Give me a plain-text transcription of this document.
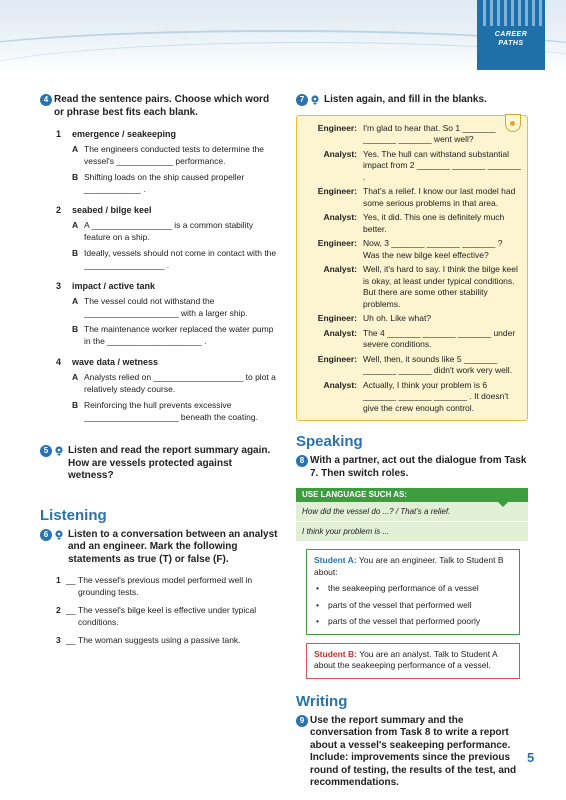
CAREER
PATHS
4 Read the sentence pairs. Choose which word or phrase best fits each blank.
1	emergence / seakeeping
A The engineers conducted tests to determine the vessel's ____________ performance.
B Shifting loads on the ship caused propeller ____________ .
2	seabed / bilge keel
A A _________________ is a common stability feature on a ship.
B Ideally, vessels should not come in contact with the _________________ .
3	impact / active tank
A The vessel could not withstand the ____________________ with a larger ship.
B The maintenance worker replaced the water pump in the ____________________ .
4	wave data / wetness
A Analysts relied on ___________________ to plot a relatively steady course.
B Reinforcing the hull prevents excessive ____________________ beneath the coating.
5	Listen and read the report summary again. How are vessels protected against wetness?
Listening
6	Listen to a conversation between an analyst and an engineer. Mark the following statements as true (T) or false (F).
1 __ The vessel's previous model performed well in grounding tests.
2 __ The vessel's bilge keel is effective under typical conditions.
3 __ The woman suggests using a passive tank.
7	Listen again, and fill in the blanks.
Engineer: I'm glad to hear that. So 1 _______ _______ _______ went well?
Analyst: Yes. The hull can withstand substantial impact from 2 _______ _______ _______ .
Engineer: That's a relief. I know our last model had some serious problems in that area.
Analyst: Yes, it did. This one is definitely much better.
Engineer: Now, 3 _______ _______ _______ ? Was the new bilge keel effective?
Analyst: Well, it's hard to say. I think the bilge keel is okay, at least under typical conditions. But there are some other stability problems.
Engineer: Uh oh. Like what?
Analyst: The 4 _______ _______ _______ under severe conditions.
Engineer: Well, then, it sounds like 5 _______ _______ _______ didn't work very well.
Analyst: Actually, I think your problem is 6 _______ _______ _______ . It doesn't give the crew enough control.
Speaking
8 With a partner, act out the dialogue from Task 7. Then switch roles.
USE LANGUAGE SUCH AS:
How did the vessel do ...? / That's a relief.
I think your problem is ...
Student A: You are an engineer. Talk to Student B about:
•	the seakeeping performance of a vessel
•	parts of the vessel that performed well
•	parts of the vessel that performed poorly
Student B: You are an analyst. Talk to Student A about the seakeeping performance of a vessel.
Writing
9 Use the report summary and the conversation from Task 8 to write a report about a vessel's seakeeping performance. Include: improvements since the previous round of testing, the results of the test, and recommendations.
5
